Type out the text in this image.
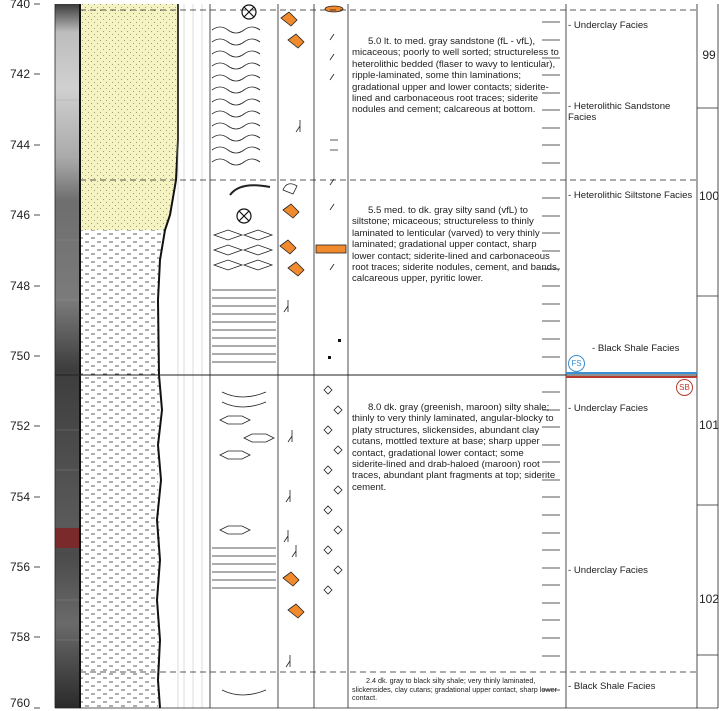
740
742
744
746
748
750
752
754
756
758
760
5.0 lt. to med. gray sandstone (fL - vfL), micaceous; poorly to well sorted; structureless to heterolithic bedded (flaser to wavy to lenticular), ripple-laminated, some thin laminations; gradational upper and lower contacts; siderite-lined and carbonaceous root traces; siderite nodules and cement; calcareous at bottom.
5.5 med. to dk. gray silty sand (vfL) to siltstone; micaceous; structureless to thinly laminated to lenticular (varved) to very thinly laminated; gradational upper contact, sharp lower contact; siderite-lined and carbonaceous root traces; siderite nodules, cement, and bands, calcareous upper, pyritic lower.
8.0 dk. gray (greenish, maroon) silty shale; thinly to very thinly laminated, angular-blocky to platy structures, slickensides, abundant clay cutans, mottled texture at base; sharp upper contact, gradational lower contact; some siderite-lined and drab-haloed (maroon) root traces, abundant plant fragments at top; siderite cement.
2.4 dk. gray to black silty shale; very thinly laminated, slickensides, clay cutans; gradational upper contact, sharp lower contact.
- Underclay Facies
- Heterolithic Sandstone Facies
- Heterolithic Siltstone Facies
- Black Shale Facies
- Underclay Facies
- Underclay Facies
- Black Shale Facies
FS
SB
99
100
101
102
